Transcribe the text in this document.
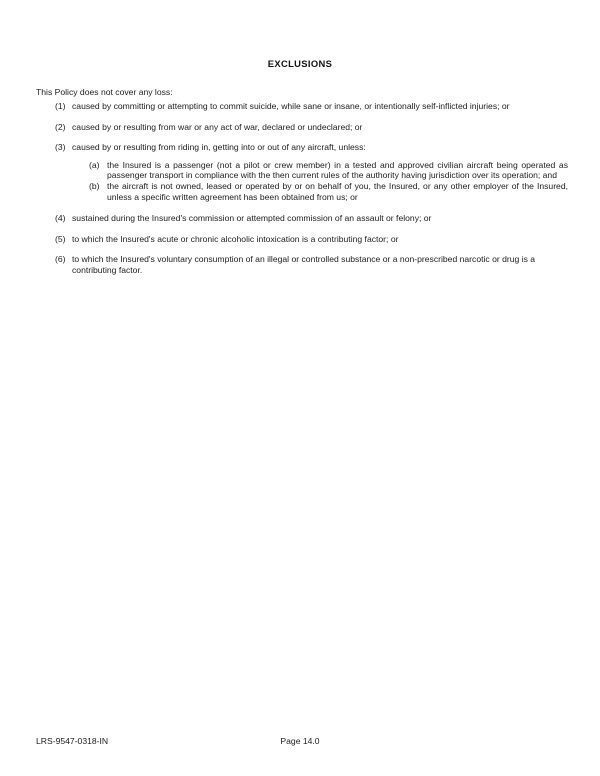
EXCLUSIONS
This Policy does not cover any loss:
(1) caused by committing or attempting to commit suicide, while sane or insane, or intentionally self-inflicted injuries; or
(2) caused by or resulting from war or any act of war, declared or undeclared; or
(3) caused by or resulting from riding in, getting into or out of any aircraft, unless:
(a) the Insured is a passenger (not a pilot or crew member) in a tested and approved civilian aircraft being operated as passenger transport in compliance with the then current rules of the authority having jurisdiction over its operation; and
(b) the aircraft is not owned, leased or operated by or on behalf of you, the Insured, or any other employer of the Insured, unless a specific written agreement has been obtained from us; or
(4) sustained during the Insured's commission or attempted commission of an assault or felony; or
(5) to which the Insured's acute or chronic alcoholic intoxication is a contributing factor; or
(6) to which the Insured's voluntary consumption of an illegal or controlled substance or a non-prescribed narcotic or drug is a contributing factor.
LRS-9547-0318-IN	Page 14.0
